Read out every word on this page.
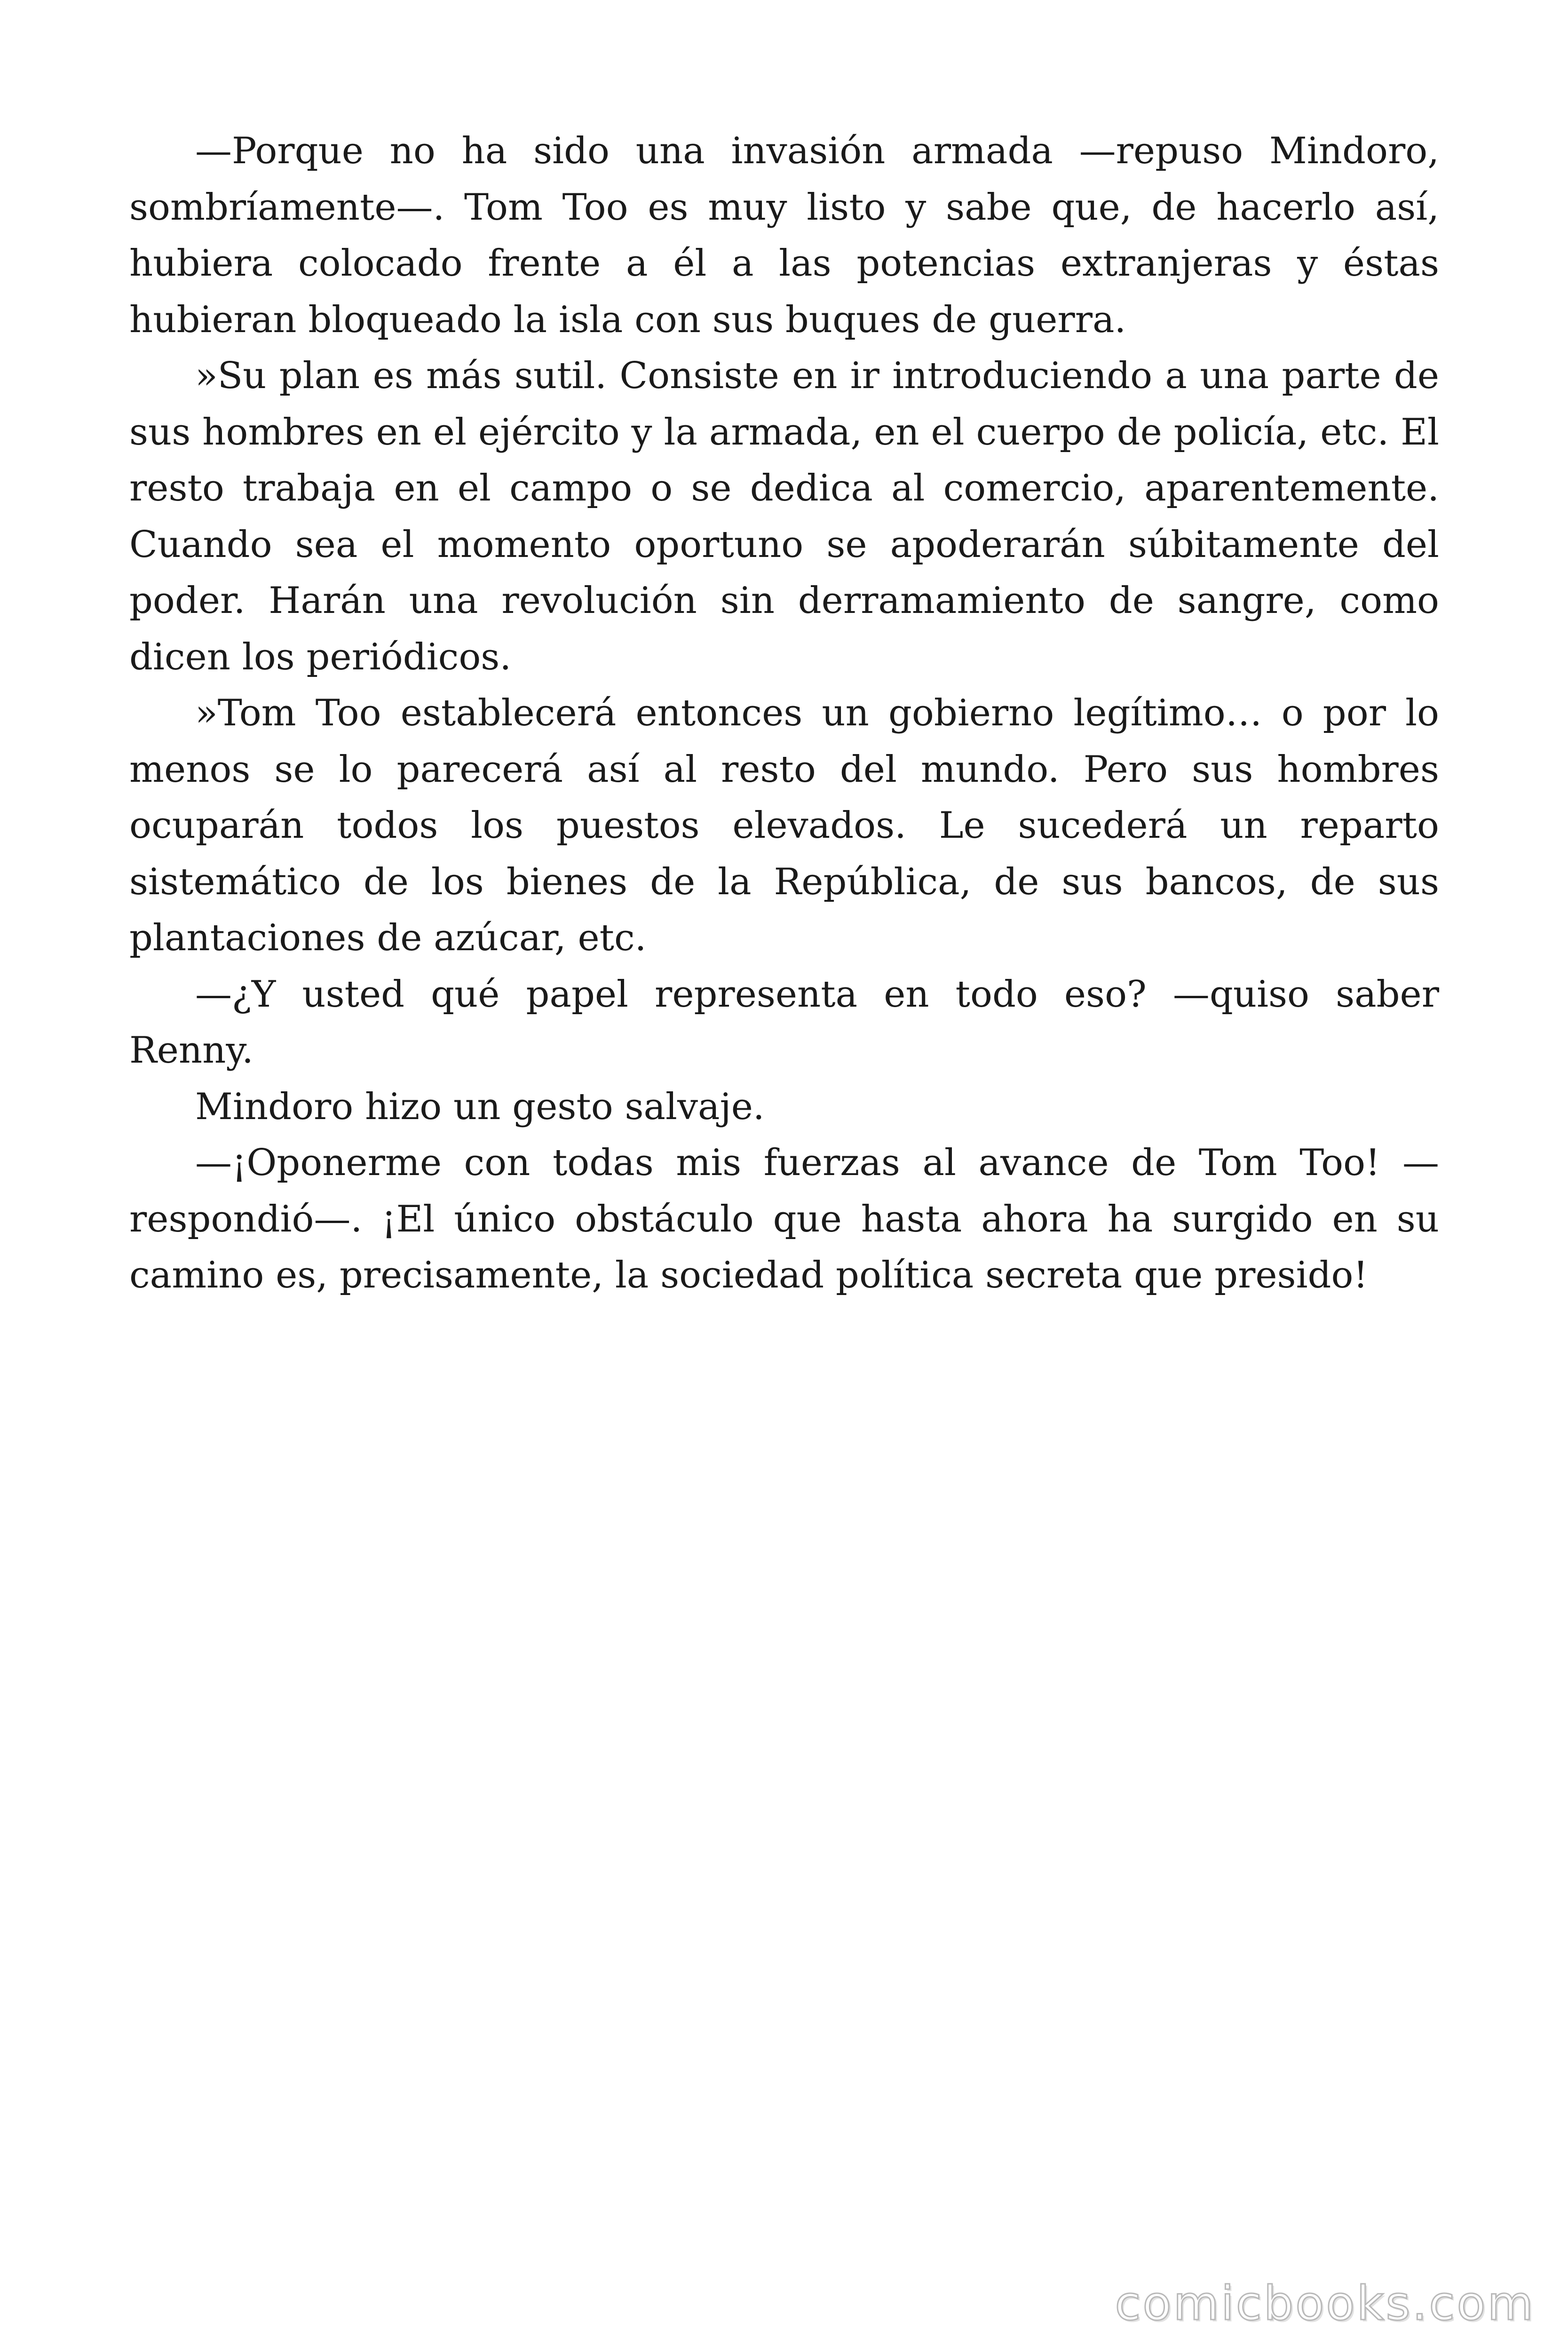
—Porque no ha sido una invasión armada —repuso Mindoro, sombríamente—. Tom Too es muy listo y sabe que, de hacerlo así, hubiera colocado frente a él a las potencias extranjeras y éstas hubieran bloqueado la isla con sus buques de guerra.

»Su plan es más sutil. Consiste en ir introduciendo a una parte de sus hombres en el ejército y la armada, en el cuerpo de policía, etc. El resto trabaja en el campo o se dedica al comercio, aparentemente. Cuando sea el momento oportuno se apoderarán súbitamente del poder. Harán una revolución sin derramamiento de sangre, como dicen los periódicos.

»Tom Too establecerá entonces un gobierno legítimo… o por lo menos se lo parecerá así al resto del mundo. Pero sus hombres ocuparán todos los puestos elevados. Le sucederá un reparto sistemático de los bienes de la República, de sus bancos, de sus plantaciones de azúcar, etc.

—¿Y usted qué papel representa en todo eso? —quiso saber Renny.

Mindoro hizo un gesto salvaje.

—¡Oponerme con todas mis fuerzas al avance de Tom Too! —respondió—. ¡El único obstáculo que hasta ahora ha surgido en su camino es, precisamente, la sociedad política secreta que presido!

comicbooks.com
